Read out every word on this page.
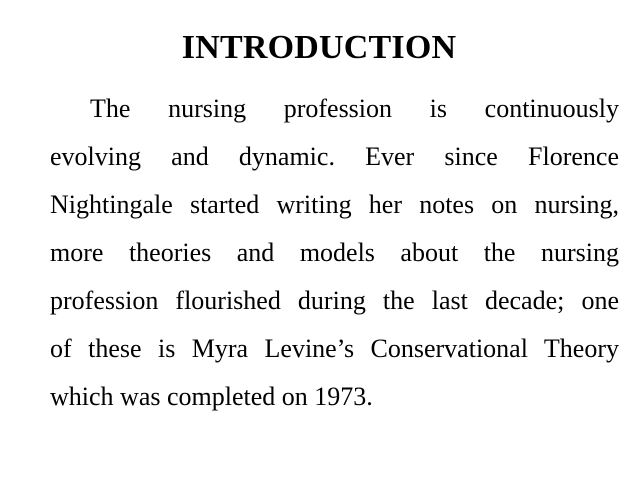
INTRODUCTION
The nursing profession is continuously
evolving and dynamic. Ever since Florence
Nightingale started writing her notes on nursing,
more theories and models about the nursing
profession flourished during the last decade; one
of these is Myra Levine’s Conservational Theory
which was completed on 1973.
